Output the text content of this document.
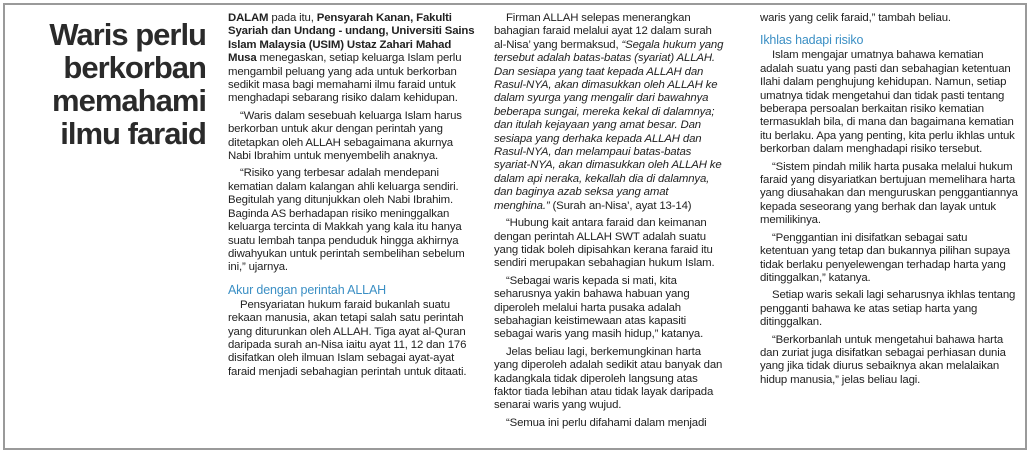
Waris perlu
berkorban
memahami
ilmu faraid

DALAM pada itu, Pensyarah Kanan, Fakulti Syariah dan Undang - undang, Universiti Sains Islam Malaysia (USIM) Ustaz Zahari Mahad Musa menegaskan, setiap keluarga Islam perlu mengambil peluang yang ada untuk berkorban sedikit masa bagi memahami ilmu faraid untuk menghadapi sebarang risiko dalam kehidupan.

“Waris dalam sesebuah keluarga Islam harus berkorban untuk akur dengan perintah yang ditetapkan oleh ALLAH sebagaimana akurnya Nabi Ibrahim untuk menyembelih anaknya.

“Risiko yang terbesar adalah mendepani kematian dalam kalangan ahli keluarga sendiri. Begitulah yang ditunjukkan oleh Nabi Ibrahim. Baginda AS berhadapan risiko meninggalkan keluarga tercinta di Makkah yang kala itu hanya suatu lembah tanpa penduduk hingga akhirnya diwahyukan untuk perintah sembelihan sebelum ini,” ujarnya.

Akur dengan perintah ALLAH

Pensyariatan hukum faraid bukanlah suatu rekaan manusia, akan tetapi salah satu perintah yang diturunkan oleh ALLAH. Tiga ayat al-Quran daripada surah an-Nisa iaitu ayat 11, 12 dan 176 disifatkan oleh ilmuan Islam sebagai ayat-ayat faraid menjadi sebahagian perintah untuk ditaati.

Firman ALLAH selepas menerangkan bahagian faraid melalui ayat 12 dalam surah al-Nisa’ yang bermaksud, “Segala hukum yang tersebut adalah batas-batas (syariat) ALLAH. Dan sesiapa yang taat kepada ALLAH dan Rasul-NYA, akan dimasukkan oleh ALLAH ke dalam syurga yang mengalir dari bawahnya beberapa sungai, mereka kekal di dalamnya; dan itulah kejayaan yang amat besar. Dan sesiapa yang derhaka kepada ALLAH dan Rasul-NYA, dan melampaui batas-batas syariat-NYA, akan dimasukkan oleh ALLAH ke dalam api neraka, kekallah dia di dalamnya, dan baginya azab seksa yang amat menghina.” (Surah an-Nisa’, ayat 13-14)

“Hubung kait antara faraid dan keimanan dengan perintah ALLAH SWT adalah suatu yang tidak boleh dipisahkan kerana faraid itu sendiri merupakan sebahagian hukum Islam.

“Sebagai waris kepada si mati, kita seharusnya yakin bahawa habuan yang diperoleh melalui harta pusaka adalah sebahagian keistimewaan atas kapasiti sebagai waris yang masih hidup,” katanya.

Jelas beliau lagi, berkemungkinan harta yang diperoleh adalah sedikit atau banyak dan kadangkala tidak diperoleh langsung atas faktor tiada lebihan atau tidak layak daripada senarai waris yang wujud.

“Semua ini perlu difahami dalam menjadi

waris yang celik faraid,” tambah beliau.

Ikhlas hadapi risiko

Islam mengajar umatnya bahawa kematian adalah suatu yang pasti dan sebahagian ketentuan Ilahi dalam penghujung kehidupan. Namun, setiap umatnya tidak mengetahui dan tidak pasti tentang beberapa persoalan berkaitan risiko kematian termasuklah bila, di mana dan bagaimana kematian itu berlaku. Apa yang penting, kita perlu ikhlas untuk berkorban dalam menghadapi risiko tersebut.

“Sistem pindah milik harta pusaka melalui hukum faraid yang disyariatkan bertujuan memelihara harta yang diusahakan dan menguruskan penggantiannya kepada seseorang yang berhak dan layak untuk memilikinya.

“Penggantian ini disifatkan sebagai satu ketentuan yang tetap dan bukannya pilihan supaya tidak berlaku penyelewengan terhadap harta yang ditinggalkan,” katanya.

Setiap waris sekali lagi seharusnya ikhlas tentang pengganti bahawa ke atas setiap harta yang ditinggalkan.

“Berkorbanlah untuk mengetahui bahawa harta dan zuriat juga disifatkan sebagai perhiasan dunia yang jika tidak diurus sebaiknya akan melalaikan hidup manusia,” jelas beliau lagi.
